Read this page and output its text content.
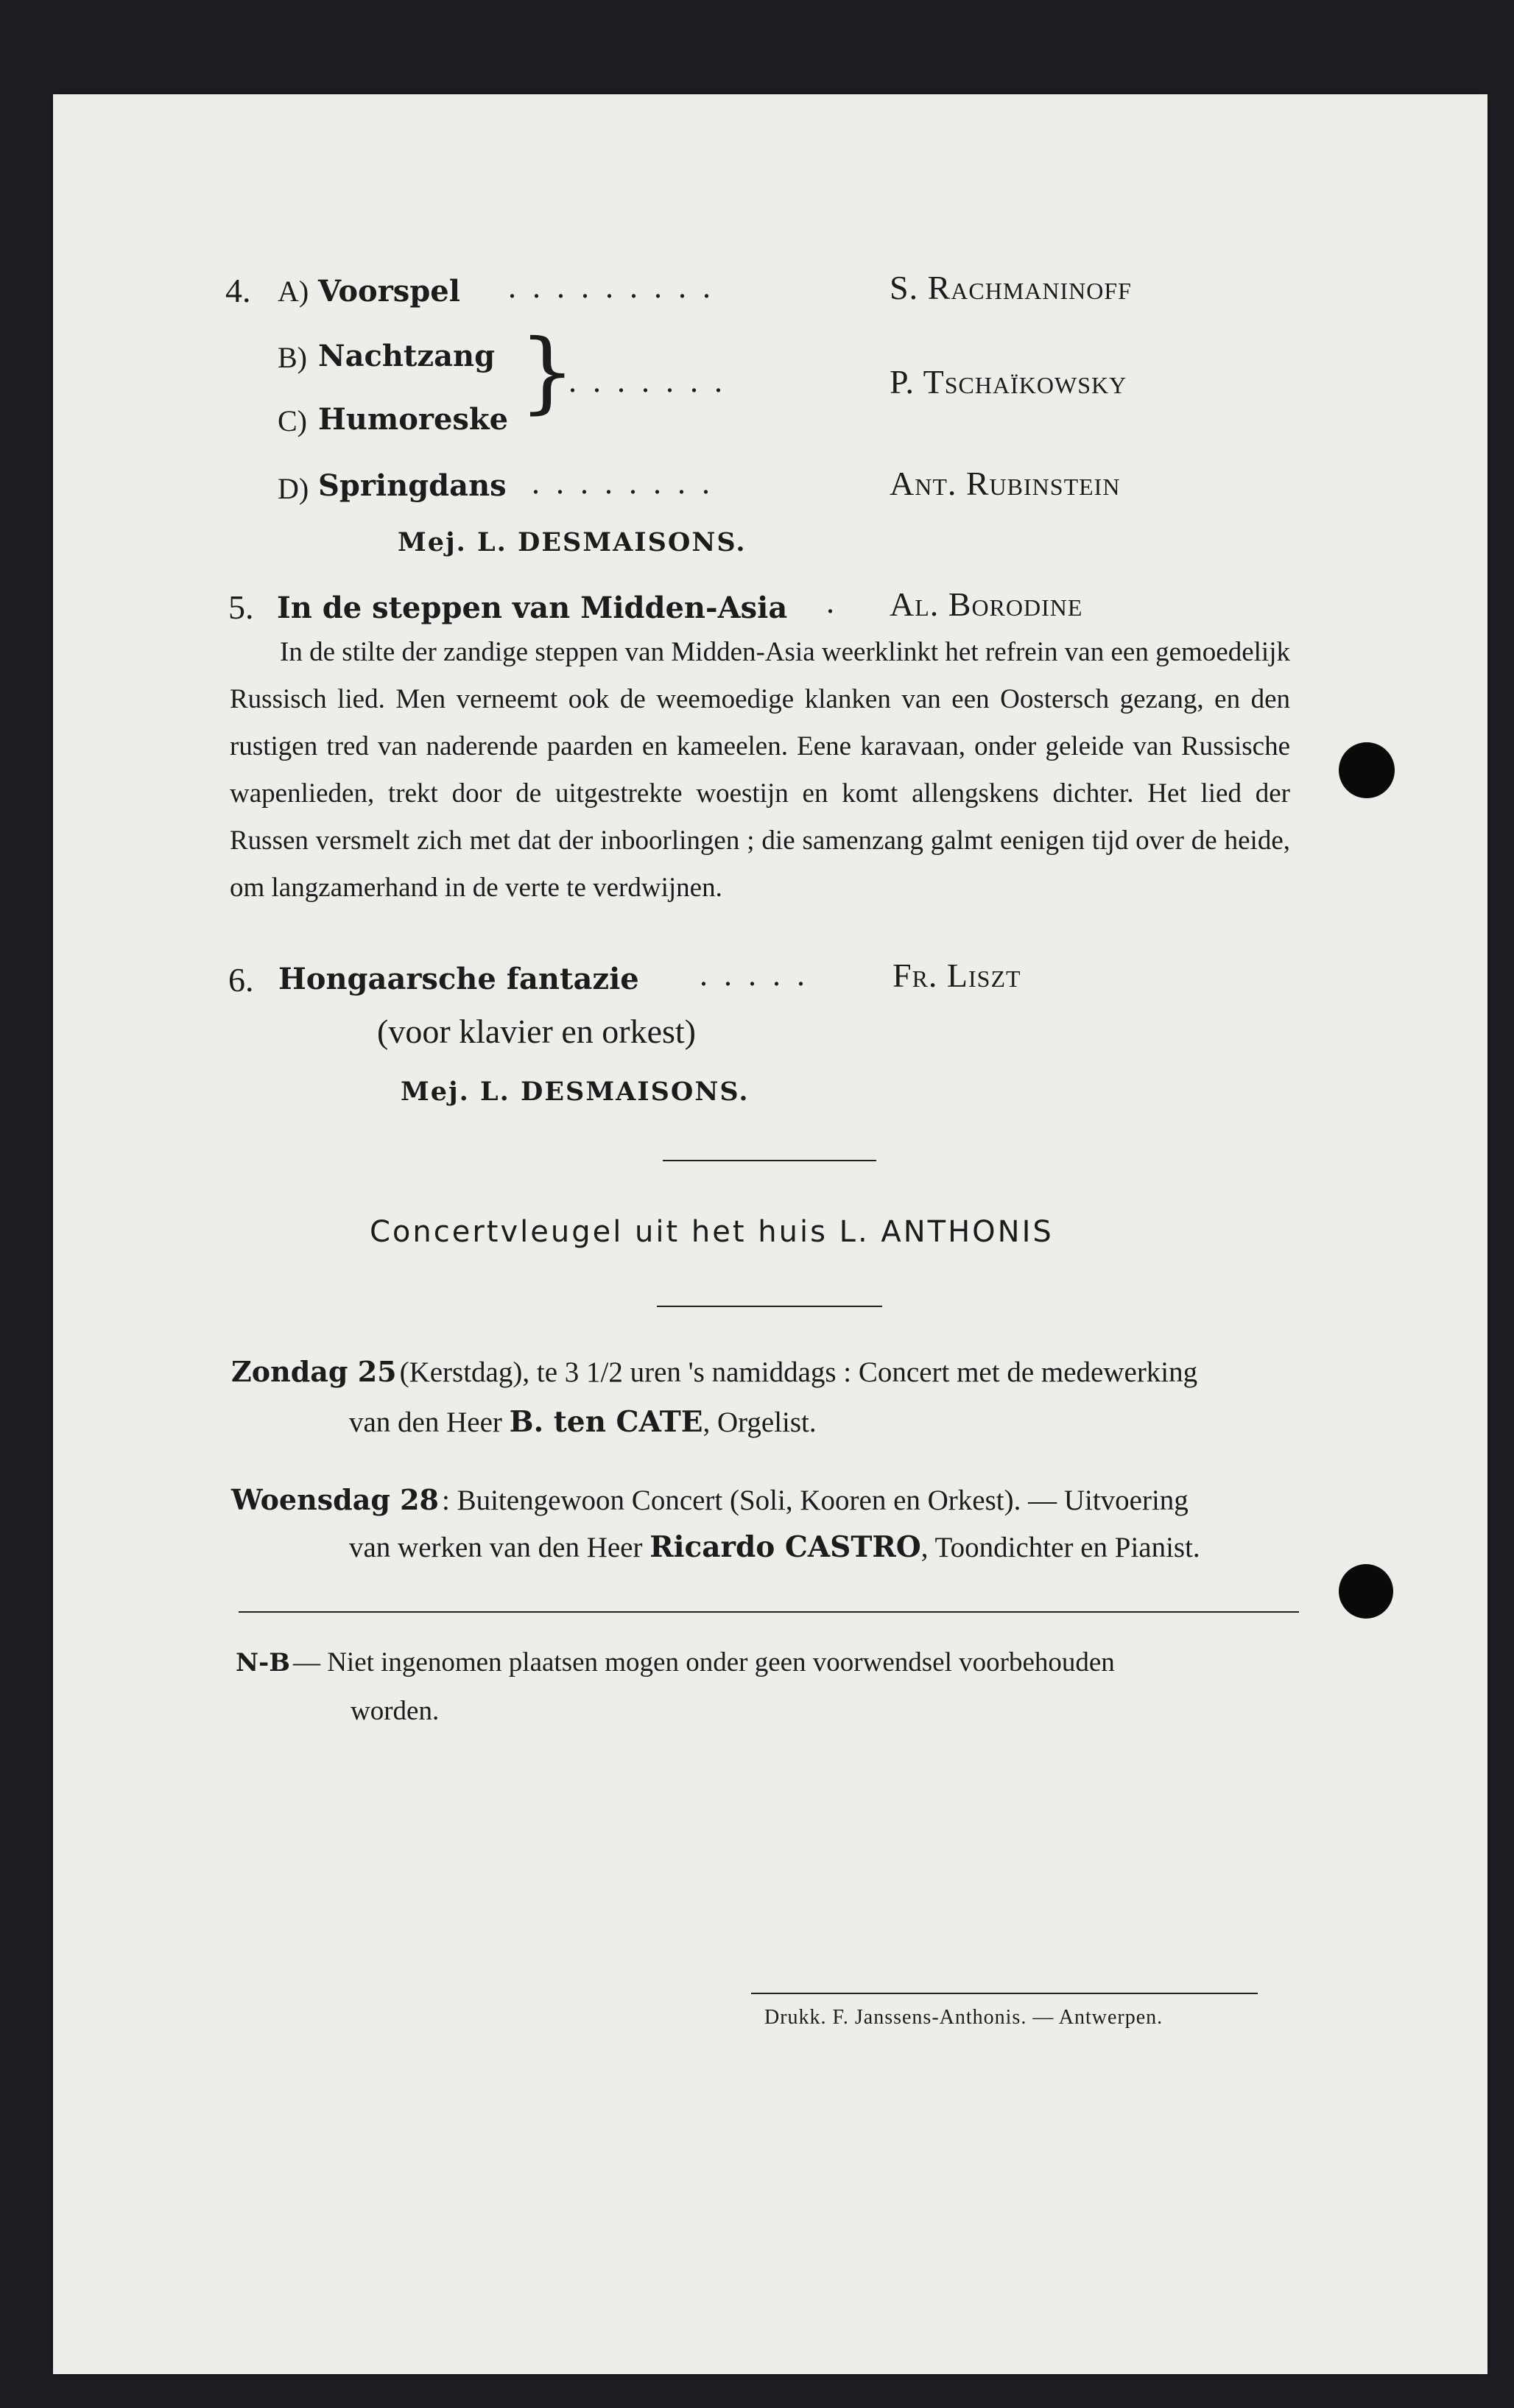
4. A) Voorspel .........	S. Rachmaninoff
B) Nachtzang
C) Humoreske }
.......	P. Tschaïkowsky
D) Springdans ........	Ant. Rubinstein
Mej. L. DESMAISONS.
5. In de steppen van Midden-Asia . Al. Borodine

In de stilte der zandige steppen van Midden-Asia weerklinkt het refrein van een gemoedelijk Russisch lied. Men verneemt ook de weemoedige klanken van een Oostersch gezang, en den rustigen tred van naderende paarden en kameelen. Eene karavaan, onder geleide van Russische wapenlieden, trekt door de uitgestrekte woestijn en komt allengskens dichter. Het lied der Russen versmelt zich met dat der inboorlingen ; die samenzang galmt eenigen tijd over de heide, om langzamerhand in de verte te verdwijnen.

6. Hongaarsche fantazie ..... Fr. Liszt
(voor klavier en orkest)
Mej. L. DESMAISONS.
Concertvleugel uit het huis L. ANTHONIS
Zondag 25 (Kerstdag), te 3 1/2 uren 's namiddags : Concert met de medewerking
van den Heer B. ten CATE, Orgelist.
Woensdag 28 : Buitengewoon Concert (Soli, Kooren en Orkest). — Uitvoering
van werken van den Heer Ricardo CASTRO, Toondichter en Pianist.
N-B — Niet ingenomen plaatsen mogen onder geen voorwendsel voorbehouden
worden.
Drukk. F. Janssens-Anthonis. — Antwerpen.
